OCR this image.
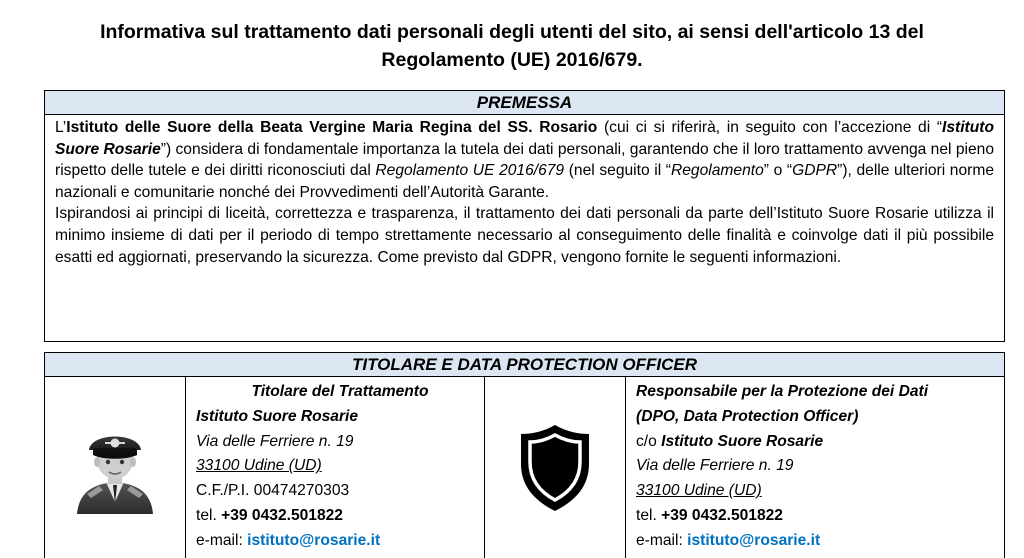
Informativa sul trattamento dati personali degli utenti del sito, ai sensi dell'articolo 13 del
Regolamento (UE) 2016/679.
PREMESSA

L’Istituto delle Suore della Beata Vergine Maria Regina del SS. Rosario (cui ci si riferirà, in seguito con l’accezione di “Istituto Suore Rosarie”) considera di fondamentale importanza la tutela dei dati personali, garantendo che il loro trattamento avvenga nel pieno rispetto delle tutele e dei diritti riconosciuti dal Regolamento UE 2016/679 (nel seguito il “Regolamento” o “GDPR”), delle ulteriori norme nazionali e comunitarie nonché dei Provvedimenti dell’Autorità Garante.

Ispirandosi ai principi di liceità, correttezza e trasparenza, il trattamento dei dati personali da parte dell’Istituto Suore Rosarie utilizza il minimo insieme di dati per il periodo di tempo strettamente necessario al conseguimento delle finalità e coinvolge dati il più possibile esatti ed aggiornati, preservando la sicurezza. Come previsto dal GDPR, vengono fornite le seguenti informazioni.

TITOLARE E DATA PROTECTION OFFICER
Titolare del Trattamento
Istituto Suore Rosarie
Via delle Ferriere n. 19
33100 Udine (UD)
C.F./P.I. 00474270303
tel. +39 0432.501822
e-mail: istituto@rosarie.it
Responsabile per la Protezione dei Dati
(DPO, Data Protection Officer)
c/o Istituto Suore Rosarie
Via delle Ferriere n. 19
33100 Udine (UD)
tel. +39 0432.501822
e-mail: istituto@rosarie.it
